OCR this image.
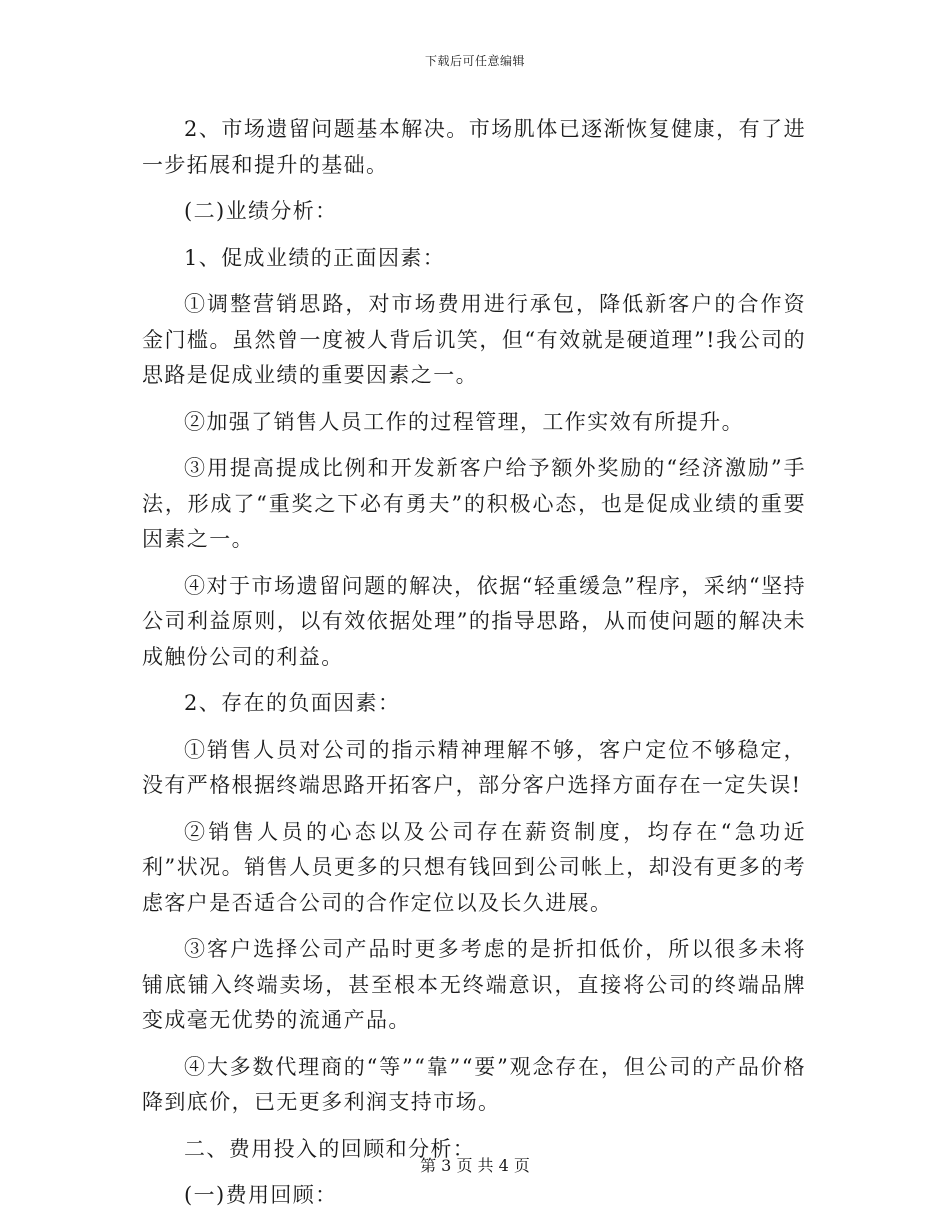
下载后可任意编辑

2、市场遗留问题基本解决。市场肌体已逐渐恢复健康，有了进一步拓展和提升的基础。

(二)业绩分析：

1、促成业绩的正面因素：

①调整营销思路，对市场费用进行承包，降低新客户的合作资金门槛。虽然曾一度被人背后讥笑，但“有效就是硬道理”!我公司的思路是促成业绩的重要因素之一。

②加强了销售人员工作的过程管理，工作实效有所提升。

③用提高提成比例和开发新客户给予额外奖励的“经济激励”手法，形成了“重奖之下必有勇夫”的积极心态，也是促成业绩的重要因素之一。

④对于市场遗留问题的解决，依据“轻重缓急”程序，采纳“坚持公司利益原则，以有效依据处理”的指导思路，从而使问题的解决未成触份公司的利益。

2、存在的负面因素：

①销售人员对公司的指示精神理解不够，客户定位不够稳定，没有严格根据终端思路开拓客户，部分客户选择方面存在一定失误!

②销售人员的心态以及公司存在薪资制度，均存在“急功近利”状况。销售人员更多的只想有钱回到公司帐上，却没有更多的考虑客户是否适合公司的合作定位以及长久进展。

③客户选择公司产品时更多考虑的是折扣低价，所以很多未将铺底铺入终端卖场，甚至根本无终端意识，直接将公司的终端品牌变成毫无优势的流通产品。

④大多数代理商的“等”“靠”“要”观念存在，但公司的产品价格降到底价，已无更多利润支持市场。

二、费用投入的回顾和分析：

(一)费用回顾：

第 3 页 共 4 页
